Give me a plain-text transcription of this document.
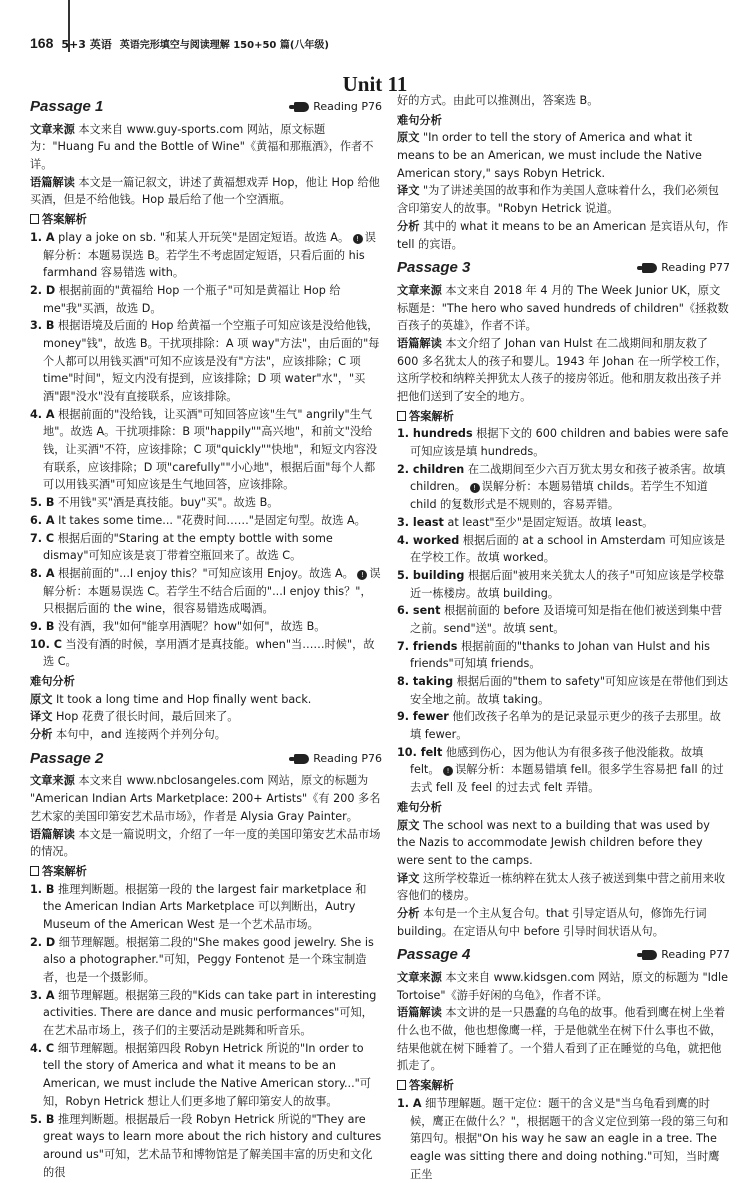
168 5+3 英语 英语完形填空与阅读理解 150+50 篇(八年级)
Unit 11
Passage 1	Reading P76

文章来源 本文来自 www.guy-sports.com 网站，原文标题为："Huang Fu and the Bottle of Wine"《黄福和那瓶酒》，作者不详。

语篇解读 本文是一篇记叙文，讲述了黄福想戏弄 Hop，他让 Hop 给他买酒，但是不给他钱。Hop 最后给了他一个空酒瓶。

答案解析

1. A play a joke on sb. "和某人开玩笑"是固定短语。故选 A。 ! 误解分析：本题易误选 B。若学生不考虑固定短语，只看后面的 his farmhand 容易错选 with。

2. D 根据前面的"黄福给 Hop 一个瓶子"可知是黄福让 Hop 给 me"我"买酒，故选 D。

3. B 根据语境及后面的 Hop 给黄福一个空瓶子可知应该是没给他钱，money"钱"，故选 B。干扰项排除：A 项 way"方法"，由后面的"每个人都可以用钱买酒"可知不应该是没有"方法"，应该排除；C 项 time"时间"，短文内没有提到，应该排除；D 项 water"水"，"买酒"跟"没水"没有直接联系，应该排除。

4. A 根据前面的"没给钱，让买酒"可知回答应该"生气" angrily"生气地"。故选 A。干扰项排除：B 项"happily""高兴地"，和前文"没给钱，让买酒"不符，应该排除；C 项"quickly""快地"，和短文内容没有联系，应该排除；D 项"carefully""小心地"，根据后面"每个人都可以用钱买酒"可知应该是生气地回答，应该排除。

5. B 不用钱"买"酒是真技能。buy"买"。故选 B。

6. A It takes some time... "花费时间……"是固定句型。故选 A。

7. C 根据后面的"Staring at the empty bottle with some dismay"可知应该是哀丁带着空瓶回来了。故选 C。

8. A 根据前面的"...I enjoy this？"可知应该用 Enjoy。故选 A。 ! 误解分析：本题易误选 C。若学生不结合后面的"...I enjoy this？"，只根据后面的 the wine，很容易错选成喝酒。

9. B 没有酒，我"如何"能享用酒呢？how"如何"，故选 B。

10. C 当没有酒的时候，享用酒才是真技能。when"当……时候"，故选 C。

难句分析

原文 It took a long time and Hop finally went back.

译文 Hop 花费了很长时间，最后回来了。

分析 本句中，and 连接两个并列分句。

Passage 2	Reading P76

文章来源 本文来自 www.nbclosangeles.com 网站，原文的标题为 "American Indian Arts Marketplace: 200+ Artists"《有 200 多名艺术家的美国印第安艺术品市场》，作者是 Alysia Gray Painter。

语篇解读 本文是一篇说明文，介绍了一年一度的美国印第安艺术品市场的情况。

答案解析

1. B 推理判断题。根据第一段的 the largest fair marketplace 和 the American Indian Arts Marketplace 可以判断出，Autry Museum of the American West 是一个艺术品市场。

2. D 细节理解题。根据第二段的"She makes good jewelry. She is also a photographer."可知，Peggy Fontenot 是一个珠宝制造者，也是一个摄影师。

3. A 细节理解题。根据第三段的"Kids can take part in interesting activities. There are dance and music performances"可知，在艺术品市场上，孩子们的主要活动是跳舞和听音乐。

4. C 细节理解题。根据第四段 Robyn Hetrick 所说的"In order to tell the story of America and what it means to be an American, we must include the Native American story..."可知，Robyn Hetrick 想让人们更多地了解印第安人的故事。

5. B 推理判断题。根据最后一段 Robyn Hetrick 所说的"They are great ways to learn more about the rich history and cultures around us"可知，艺术品节和博物馆是了解美国丰富的历史和文化的很

好的方式。由此可以推测出，答案选 B。

难句分析

原文 "In order to tell the story of America and what it means to be an American, we must include the Native American story," says Robyn Hetrick.

译文 "为了讲述美国的故事和作为美国人意味着什么，我们必须包含印第安人的故事。"Robyn Hetrick 说道。

分析 其中的 what it means to be an American 是宾语从句，作 tell 的宾语。

Passage 3	Reading P77

文章来源 本文来自 2018 年 4 月的 The Week Junior UK，原文标题是："The hero who saved hundreds of children"《拯救数百孩子的英雄》，作者不详。

语篇解读 本文介绍了 Johan van Hulst 在二战期间和朋友救了 600 多名犹太人的孩子和婴儿。1943 年 Johan 在一所学校工作，这所学校和纳粹关押犹太人孩子的接房邻近。他和朋友救出孩子并把他们送到了安全的地方。

答案解析

1. hundreds 根据下文的 600 children and babies were safe 可知应该是填 hundreds。

2. children 在二战期间至少六百万犹太男女和孩子被杀害。故填 children。 ! 误解分析：本题易错填 childs。若学生不知道 child 的复数形式是不规则的，容易弄错。

3. least at least"至少"是固定短语。故填 least。

4. worked 根据后面的 at a school in Amsterdam 可知应该是在学校工作。故填 worked。

5. building 根据后面"被用来关犹太人的孩子"可知应该是学校靠近一栋楼房。故填 building。

6. sent 根据前面的 before 及语境可知是指在他们被送到集中营之前。send"送"。故填 sent。

7. friends 根据前面的"thanks to Johan van Hulst and his friends"可知填 friends。

8. taking 根据后面的"them to safety"可知应该是在带他们到达安全地之前。故填 taking。

9. fewer 他们改孩子名单为的是记录显示更少的孩子去那里。故填 fewer。

10. felt 他感到伤心，因为他认为有很多孩子他没能救。故填 felt。 ! 误解分析：本题易错填 fell。很多学生容易把 fall 的过去式 fell 及 feel 的过去式 felt 弄错。

难句分析

原文 The school was next to a building that was used by the Nazis to accommodate Jewish children before they were sent to the camps.

译文 这所学校靠近一栋纳粹在犹太人孩子被送到集中营之前用来收容他们的楼房。

分析 本句是一个主从复合句。that 引导定语从句，修饰先行词 building。在定语从句中 before 引导时间状语从句。

Passage 4	Reading P77

文章来源 本文来自 www.kidsgen.com 网站，原文的标题为 "Idle Tortoise"《游手好闲的乌龟》，作者不详。

语篇解读 本文讲的是一只愚蠢的乌龟的故事。他看到鹰在树上坐着什么也不做，他也想像鹰一样，于是他就坐在树下什么事也不做，结果他就在树下睡着了。一个猎人看到了正在睡觉的乌龟，就把他抓走了。

答案解析

1. A 细节理解题。题干定位：题干的含义是"当乌龟看到鹰的时候，鹰正在做什么？"，根据题干的含义定位到第一段的第三句和第四句。根据"On his way he saw an eagle in a tree. The eagle was sitting there and doing nothing."可知，当时鹰正坐
